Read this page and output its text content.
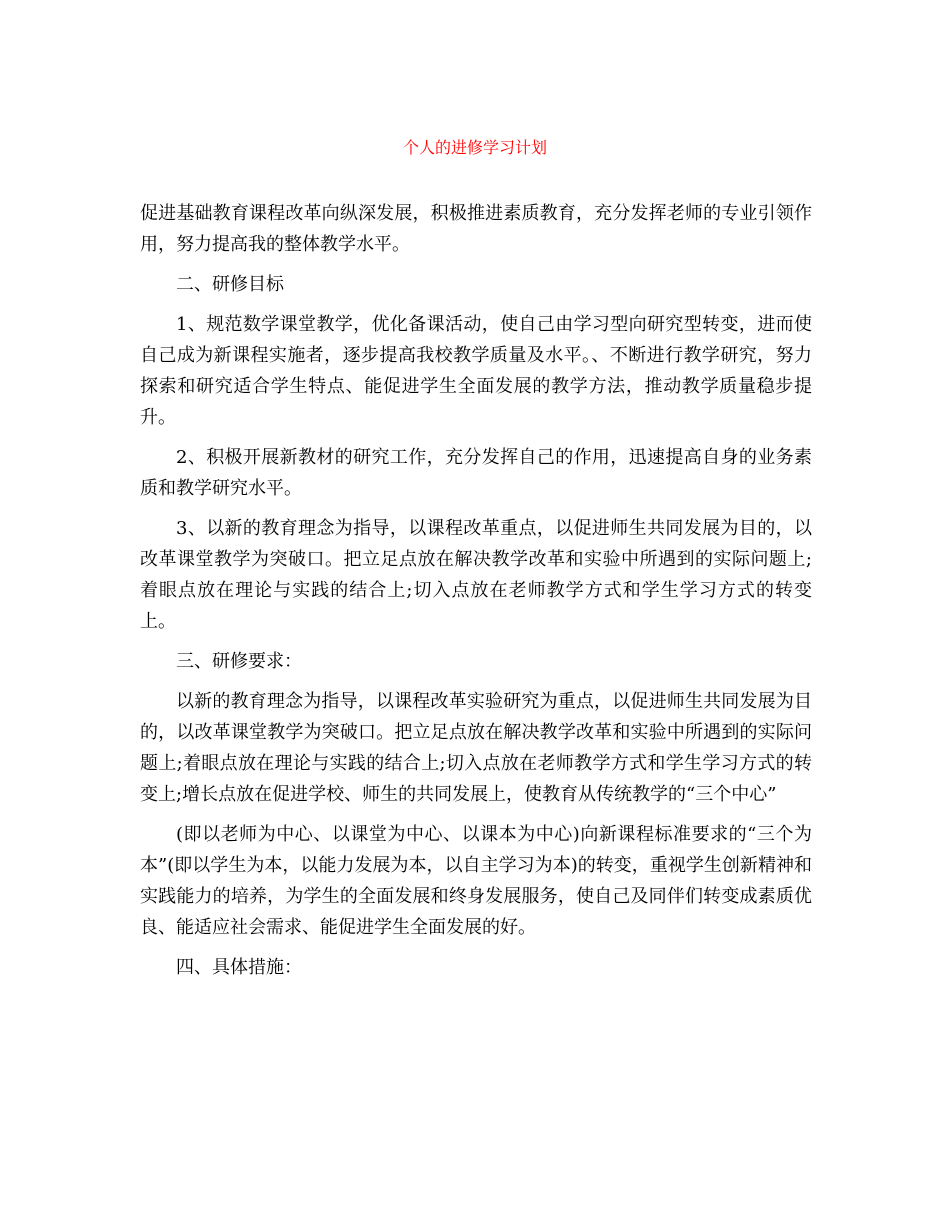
个人的进修学习计划

促进基础教育课程改革向纵深发展，积极推进素质教育，充分发挥老师的专业引领作用，努力提高我的整体教学水平。

二、研修目标

1、规范数学课堂教学，优化备课活动，使自己由学习型向研究型转变，进而使自己成为新课程实施者，逐步提高我校教学质量及水平。、不断进行教学研究，努力探索和研究适合学生特点、能促进学生全面发展的教学方法，推动教学质量稳步提升。

2、积极开展新教材的研究工作，充分发挥自己的作用，迅速提高自身的业务素质和教学研究水平。

3、以新的教育理念为指导，以课程改革重点，以促进师生共同发展为目的，以改革课堂教学为突破口。把立足点放在解决教学改革和实验中所遇到的实际问题上;着眼点放在理论与实践的结合上;切入点放在老师教学方式和学生学习方式的转变上。

三、研修要求：

以新的教育理念为指导，以课程改革实验研究为重点，以促进师生共同发展为目的，以改革课堂教学为突破口。把立足点放在解决教学改革和实验中所遇到的实际问题上;着眼点放在理论与实践的结合上;切入点放在老师教学方式和学生学习方式的转变上;增长点放在促进学校、师生的共同发展上，使教育从传统教学的“三个中心”

(即以老师为中心、以课堂为中心、以课本为中心)向新课程标准要求的“三个为本”(即以学生为本，以能力发展为本，以自主学习为本)的转变，重视学生创新精神和实践能力的培养，为学生的全面发展和终身发展服务，使自己及同伴们转变成素质优良、能适应社会需求、能促进学生全面发展的好。

四、具体措施：
